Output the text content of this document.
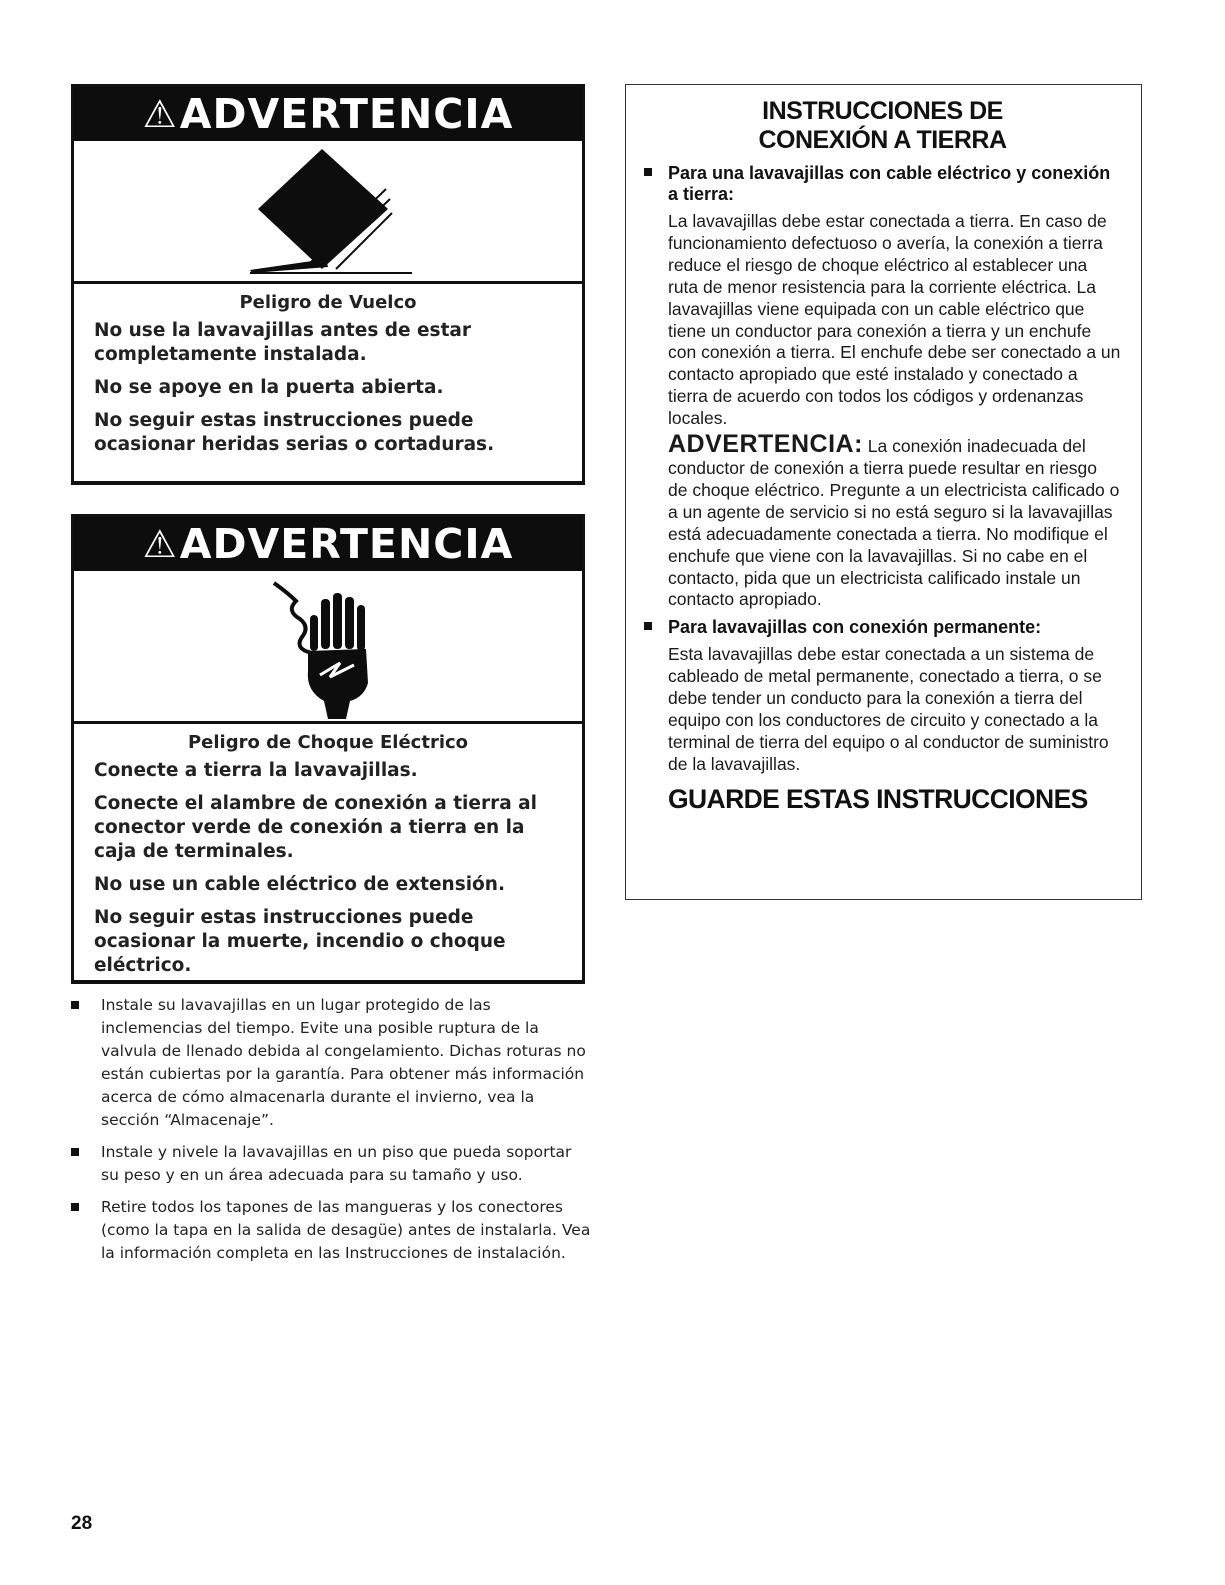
⚠ ADVERTENCIA
Peligro de Vuelco
No use la lavavajillas antes de estar completamente instalada.
No se apoye en la puerta abierta.
No seguir estas instrucciones puede ocasionar heridas serias o cortaduras.
⚠ ADVERTENCIA
Peligro de Choque Eléctrico
Conecte a tierra la lavavajillas.
Conecte el alambre de conexión a tierra al conector verde de conexión a tierra en la caja de terminales.
No use un cable eléctrico de extensión.
No seguir estas instrucciones puede ocasionar la muerte, incendio o choque eléctrico.
Instale su lavavajillas en un lugar protegido de las inclemencias del tiempo. Evite una posible ruptura de la valvula de llenado debida al congelamiento. Dichas roturas no están cubiertas por la garantía. Para obtener más información acerca de cómo almacenarla durante el invierno, vea la sección “Almacenaje”.
Instale y nivele la lavavajillas en un piso que pueda soportar su peso y en un área adecuada para su tamaño y uso.
Retire todos los tapones de las mangueras y los conectores (como la tapa en la salida de desagüe) antes de instalarla. Vea la información completa en las Instrucciones de instalación.
INSTRUCCIONES DE
CONEXIÓN A TIERRA
Para una lavavajillas con cable eléctrico y conexión a tierra:

La lavavajillas debe estar conectada a tierra. En caso de funcionamiento defectuoso o avería, la conexión a tierra reduce el riesgo de choque eléctrico al establecer una ruta de menor resistencia para la corriente eléctrica. La lavavajillas viene equipada con un cable eléctrico que tiene un conductor para conexión a tierra y un enchufe con conexión a tierra. El enchufe debe ser conectado a un contacto apropiado que esté instalado y conectado a tierra de acuerdo con todos los códigos y ordenanzas locales.

ADVERTENCIA: La conexión inadecuada del conductor de conexión a tierra puede resultar en riesgo de choque eléctrico. Pregunte a un electricista calificado o a un agente de servicio si no está seguro si la lavavajillas está adecuadamente conectada a tierra. No modifique el enchufe que viene con la lavavajillas. Si no cabe en el contacto, pida que un electricista calificado instale un contacto apropiado.

Para lavavajillas con conexión permanente:

Esta lavavajillas debe estar conectada a un sistema de cableado de metal permanente, conectado a tierra, o se debe tender un conducto para la conexión a tierra del equipo con los conductores de circuito y conectado a la terminal de tierra del equipo o al conductor de suministro de la lavavajillas.

GUARDE ESTAS INSTRUCCIONES
28
